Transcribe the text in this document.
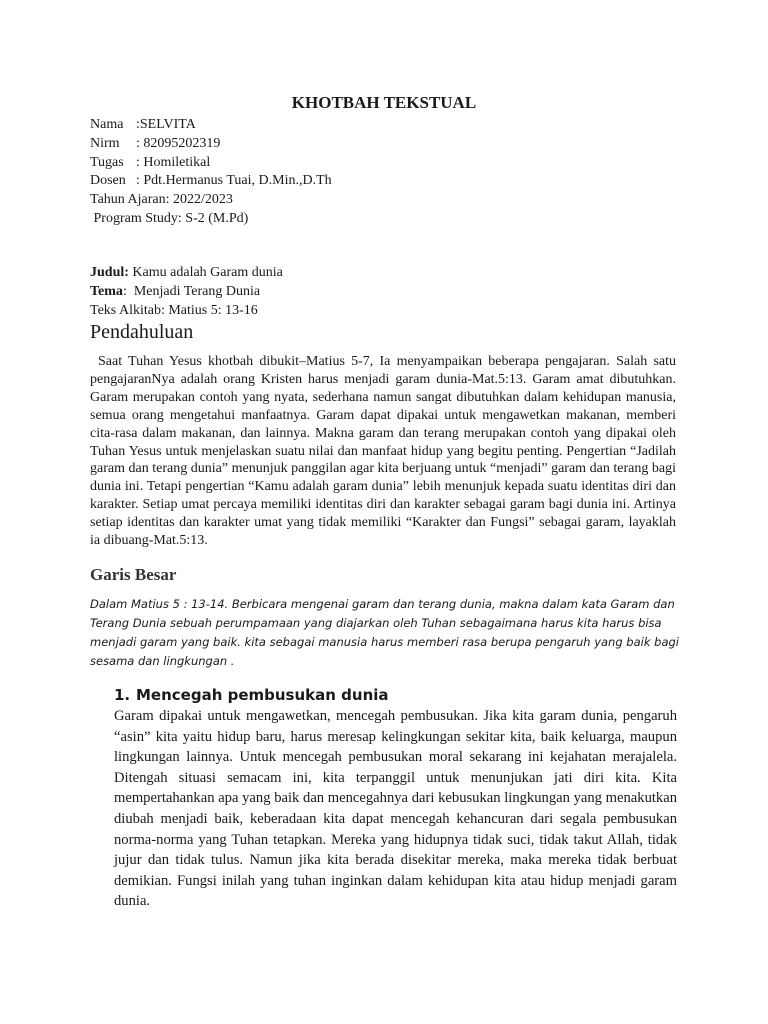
KHOTBAH TEKSTUAL
Nama :SELVITA
Nirm : 82095202319
Tugas : Homiletikal
Dosen : Pdt.Hermanus Tuai, D.Min.,D.Th
Tahun Ajaran: 2022/2023
Program Study: S-2 (M.Pd)
Judul: Kamu adalah Garam dunia
Tema:  Menjadi Terang Dunia
Teks Alkitab: Matius 5: 13-16
Pendahuluan
Saat Tuhan Yesus khotbah dibukit–Matius 5-7, Ia menyampaikan beberapa pengajaran. Salah satu pengajaranNya adalah orang Kristen harus menjadi garam dunia-Mat.5:13. Garam amat dibutuhkan. Garam merupakan contoh yang nyata, sederhana namun sangat dibutuhkan dalam kehidupan manusia, semua orang mengetahui manfaatnya. Garam dapat dipakai untuk mengawetkan makanan, memberi cita-rasa dalam makanan, dan lainnya. Makna garam dan terang merupakan contoh yang dipakai oleh Tuhan Yesus untuk menjelaskan suatu nilai dan manfaat hidup yang begitu penting. Pengertian “Jadilah garam dan terang dunia” menunjuk panggilan agar kita berjuang untuk “menjadi” garam dan terang bagi dunia ini. Tetapi pengertian “Kamu adalah garam dunia” lebih menunjuk kepada suatu identitas diri dan karakter. Setiap umat percaya memiliki identitas diri dan karakter sebagai garam bagi dunia ini. Artinya setiap identitas dan karakter umat yang tidak memiliki “Karakter dan Fungsi” sebagai garam, layaklah ia dibuang-Mat.5:13.
Garis Besar
Dalam Matius 5 : 13-14. Berbicara mengenai garam dan terang dunia, makna dalam kata Garam dan Terang Dunia sebuah perumpamaan yang diajarkan oleh Tuhan sebagaimana harus kita harus bisa menjadi garam yang baik. kita sebagai manusia harus memberi rasa berupa pengaruh yang baik bagi sesama dan lingkungan .
1. Mencegah pembusukan dunia
Garam dipakai untuk mengawetkan, mencegah pembusukan. Jika kita garam dunia, pengaruh “asin” kita yaitu hidup baru, harus meresap kelingkungan sekitar kita, baik keluarga, maupun lingkungan lainnya. Untuk mencegah pembusukan moral sekarang ini kejahatan merajalela. Ditengah situasi semacam ini, kita terpanggil untuk menunjukan jati diri kita. Kita mempertahankan apa yang baik dan mencegahnya dari kebusukan lingkungan yang menakutkan diubah menjadi baik, keberadaan kita dapat mencegah kehancuran dari segala pembusukan norma-norma yang Tuhan tetapkan. Mereka yang hidupnya tidak suci, tidak takut Allah, tidak jujur dan tidak tulus. Namun jika kita berada disekitar mereka, maka mereka tidak berbuat demikian. Fungsi inilah yang tuhan inginkan dalam kehidupan kita atau hidup menjadi garam dunia.
